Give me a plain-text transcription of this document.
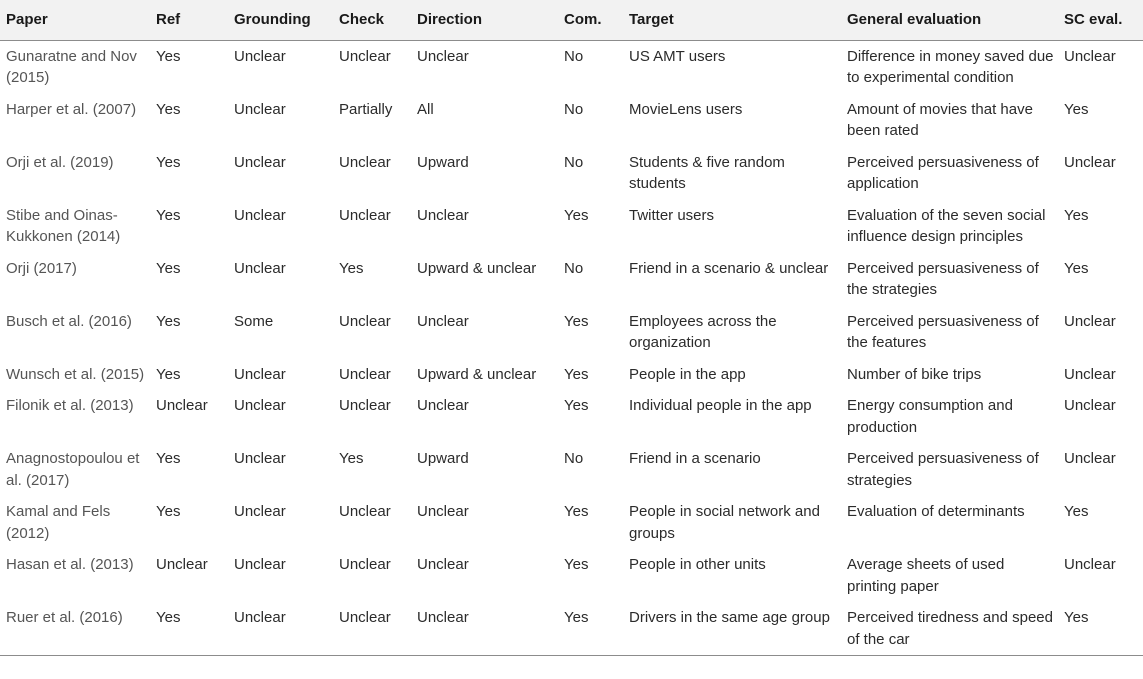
Paper	Ref	Grounding	Check	Direction	Com.	Target	General evaluation	SC eval.
Gunaratne and Nov (2015)	Yes	Unclear	Unclear	Unclear	No	US AMT users	Difference in money saved due to experimental condition	Unclear
Harper et al. (2007)	Yes	Unclear	Partially	All	No	MovieLens users	Amount of movies that have been rated	Yes
Orji et al. (2019)	Yes	Unclear	Unclear	Upward	No	Students & five random students	Perceived persuasiveness of application	Unclear
Stibe and Oinas-Kukkonen (2014)	Yes	Unclear	Unclear	Unclear	Yes	Twitter users	Evaluation of the seven social influence design principles	Yes
Orji (2017)	Yes	Unclear	Yes	Upward & unclear	No	Friend in a scenario & unclear	Perceived persuasiveness of the strategies	Yes
Busch et al. (2016)	Yes	Some	Unclear	Unclear	Yes	Employees across the organization	Perceived persuasiveness of the features	Unclear
Wunsch et al. (2015)	Yes	Unclear	Unclear	Upward & unclear	Yes	People in the app	Number of bike trips	Unclear
Filonik et al. (2013)	Unclear	Unclear	Unclear	Unclear	Yes	Individual people in the app	Energy consumption and production	Unclear
Anagnostopoulou et al. (2017)	Yes	Unclear	Yes	Upward	No	Friend in a scenario	Perceived persuasiveness of strategies	Unclear
Kamal and Fels (2012)	Yes	Unclear	Unclear	Unclear	Yes	People in social network and groups	Evaluation of determinants	Yes
Hasan et al. (2013)	Unclear	Unclear	Unclear	Unclear	Yes	People in other units	Average sheets of used printing paper	Unclear
Ruer et al. (2016)	Yes	Unclear	Unclear	Unclear	Yes	Drivers in the same age group	Perceived tiredness and speed of the car	Yes
